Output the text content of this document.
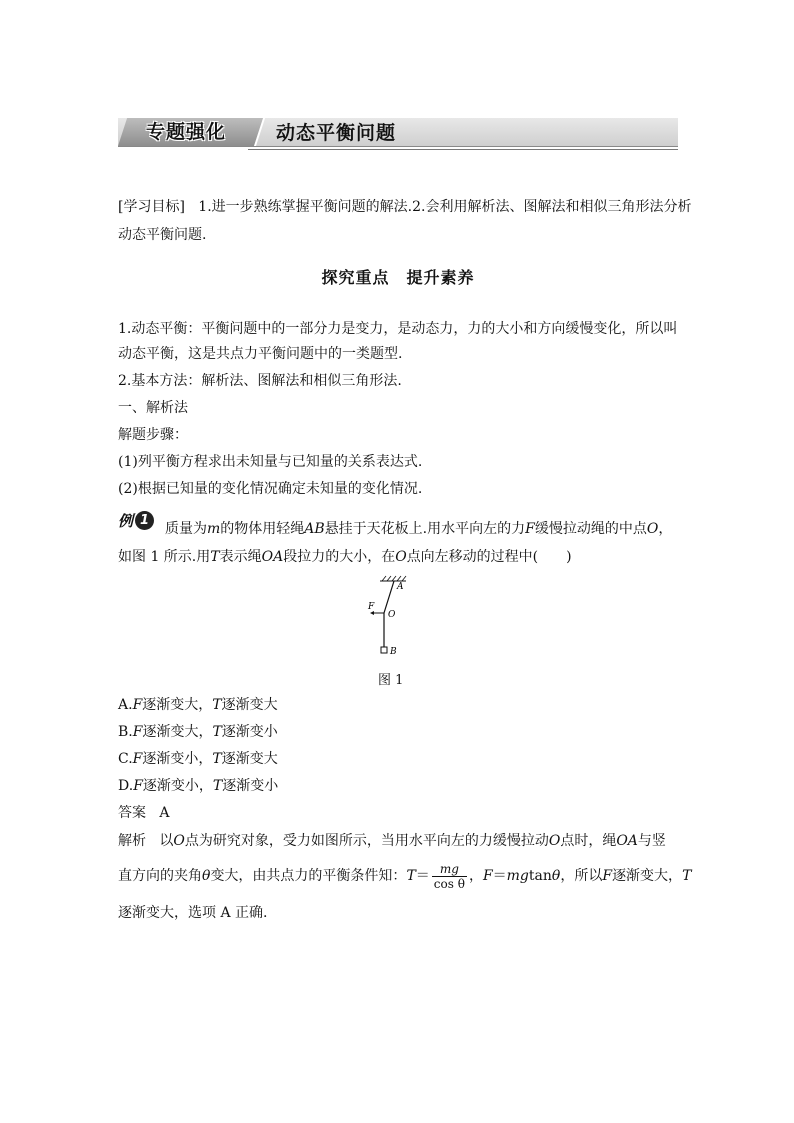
专题强化	动态平衡问题
[学习目标] 1.进一步熟练掌握平衡问题的解法.2.会利用解析法、图解法和相似三角形法分析
动态平衡问题.
探究重点　提升素养
1.动态平衡：平衡问题中的一部分力是变力，是动态力，力的大小和方向缓慢变化，所以叫
动态平衡，这是共点力平衡问题中的一类题型.
2.基本方法：解析法、图解法和相似三角形法.
一、解析法
解题步骤：
(1)列平衡方程求出未知量与已知量的关系表达式.
(2)根据已知量的变化情况确定未知量的变化情况.
例 1
质量为m的物体用轻绳AB悬挂于天花板上.用水平向左的力F缓慢拉动绳的中点O，
如图 1 所示.用T表示绳OA段拉力的大小，在O点向左移动的过程中(　　)
A
F
O
B
图 1
A.F逐渐变大，T逐渐变大
B.F逐渐变大，T逐渐变小
C.F逐渐变小，T逐渐变大
D.F逐渐变小，T逐渐变小
答案 A
解析 以O点为研究对象，受力如图所示，当用水平向左的力缓慢拉动O点时，绳OA与竖
直方向的夹角θ变大，由共点力的平衡条件知：$T= \frac{mg}{\text{cos θ}}$ ，F＝mgtanθ，所以F逐渐变大，T
逐渐变大，选项 A 正确.
